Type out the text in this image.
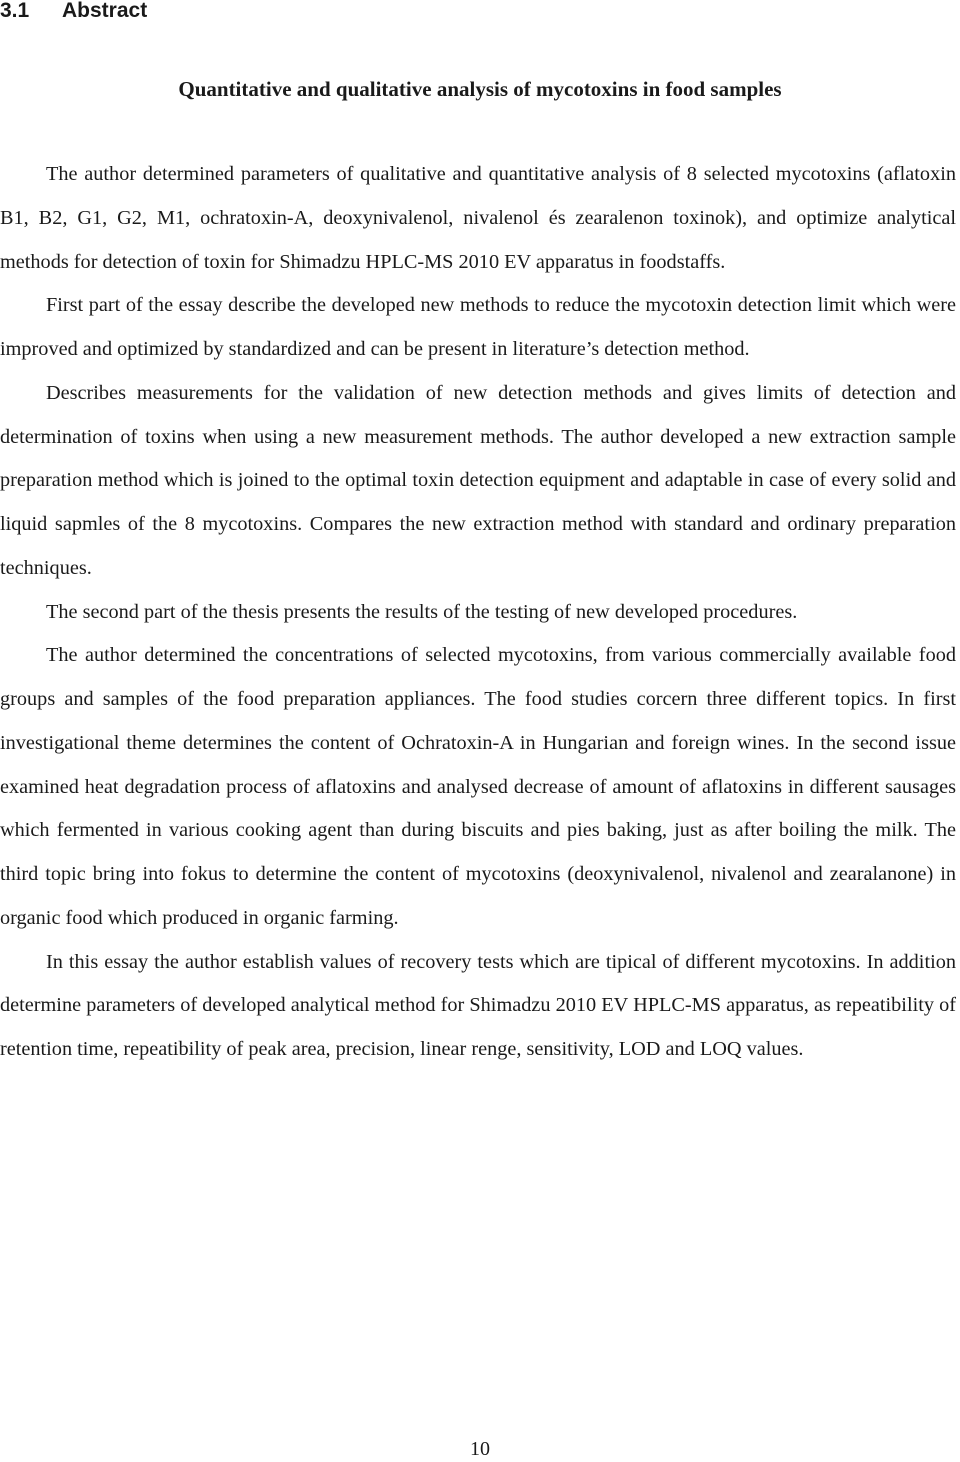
3.1 Abstract
Quantitative and qualitative analysis of mycotoxins in food samples

The author determined parameters of qualitative and quantitative analysis of 8 selected mycotoxins (aflatoxin B1, B2, G1, G2, M1, ochratoxin-A, deoxynivalenol, nivalenol és zearalenon toxinok), and optimize analytical methods for detection of toxin for Shimadzu HPLC-MS 2010 EV apparatus in foodstaffs.

First part of the essay describe the developed new methods to reduce the mycotoxin detection limit which were improved and optimized by standardized and can be present in literature’s detection method.

Describes measurements for the validation of new detection methods and gives limits of detection and determination of toxins when using a new measurement methods. The author developed a new extraction sample preparation method which is joined to the optimal toxin detection equipment and adaptable in case of every solid and liquid sapmles of the 8 mycotoxins. Compares the new extraction method with standard and ordinary preparation techniques.

The second part of the thesis presents the results of the testing of new developed procedures.

The author determined the concentrations of selected mycotoxins, from various commercially available food groups and samples of the food preparation appliances. The food studies corcern three different topics. In first investigational theme determines the content of Ochratoxin-A in Hungarian and foreign wines. In the second issue examined heat degradation process of aflatoxins and analysed decrease of amount of aflatoxins in different sausages which fermented in various cooking agent than during biscuits and pies baking, just as after boiling the milk. The third topic bring into fokus to determine the content of mycotoxins (deoxynivalenol, nivalenol and zearalanone) in organic food which produced in organic farming.

In this essay the author establish values of recovery tests which are tipical of different mycotoxins. In addition determine parameters of developed analytical method for Shimadzu 2010 EV HPLC-MS apparatus, as repeatibility of retention time, repeatibility of peak area, precision, linear renge, sensitivity, LOD and LOQ values.

10
